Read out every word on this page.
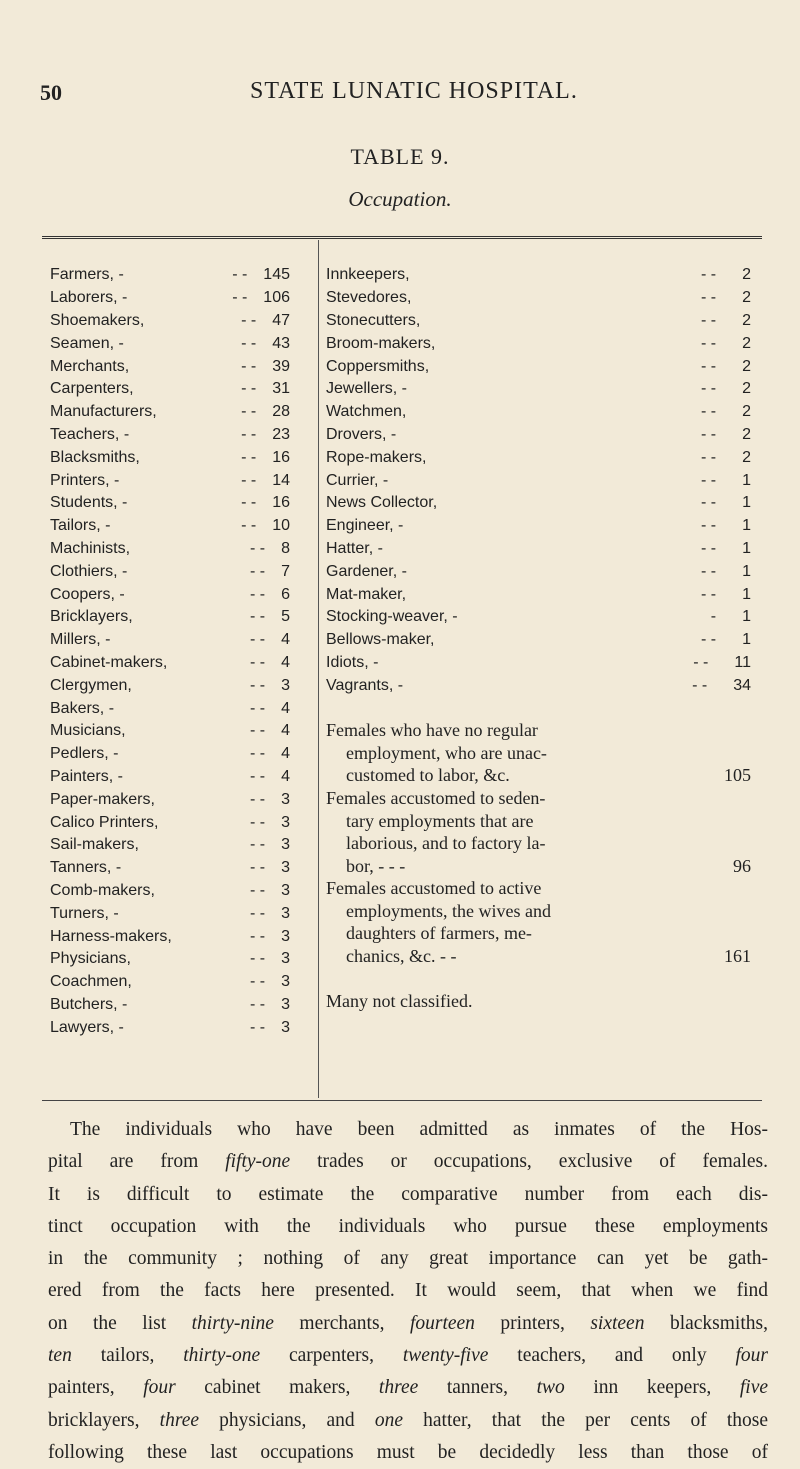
50	STATE LUNATIC HOSPITAL.
TABLE 9.
Occupation.
Farmers, -	- -	145
Laborers, -	- -	106
Shoemakers,	- -	47
Seamen, -	- -	43
Merchants,	- -	39
Carpenters,	- -	31
Manufacturers,	- -	28
Teachers, -	- -	23
Blacksmiths,	- -	16
Printers, -	- -	14
Students, -	- -	16
Tailors, -	- -	10
Machinists,	- -	8
Clothiers, -	- -	7
Coopers, -	- -	6
Bricklayers,	- -	5
Millers, -	- -	4
Cabinet-makers,	- -	4
Clergymen,	- -	3
Bakers, -	- -	4
Musicians,	- -	4
Pedlers, -	- -	4
Painters, -	- -	4
Paper-makers,	- -	3
Calico Printers,	- -	3
Sail-makers,	- -	3
Tanners, -	- -	3
Comb-makers,	- -	3
Turners, -	- -	3
Harness-makers,	- -	3
Physicians,	- -	3
Coachmen,	- -	3
Butchers, -	- -	3
Lawyers, -	- -	3
Innkeepers,	- -	2
Stevedores,	- -	2
Stonecutters,	- -	2
Broom-makers,	- -	2
Coppersmiths,	- -	2
Jewellers, -	- -	2
Watchmen,	- -	2
Drovers, -	- -	2
Rope-makers,	- -	2
Currier, -	- -	1
News Collector,	- -	1
Engineer, -	- -	1
Hatter, -	- -	1
Gardener, -	- -	1
Mat-maker,	- -	1
Stocking-weaver, -	-	1
Bellows-maker,	- -	1
Idiots, -	- -	11
Vagrants, -	- -	34
Females who have no regular
employment, who are unac-
customed to labor, &c.	105
Females accustomed to seden-
tary employments that are
laborious, and to factory la-
bor, - - -	96
Females accustomed to active
employments, the wives and
daughters of farmers, me-
chanics, &c. - -	161
Many not classified.
The individuals who have been admitted as inmates of the Hos-
pital are from fifty-one trades or occupations, exclusive of females.
It is difficult to estimate the comparative number from each dis-
tinct occupation with the individuals who pursue these employments
in the community ; nothing of any great importance can yet be gath-
ered from the facts here presented. It would seem, that when we find
on the list thirty-nine merchants, fourteen printers, sixteen blacksmiths,
ten tailors, thirty-one carpenters, twenty-five teachers, and only four
painters, four cabinet makers, three tanners, two inn keepers, five
bricklayers, three physicians, and one hatter, that the per cents of those
following these last occupations must be decidedly less than those of
